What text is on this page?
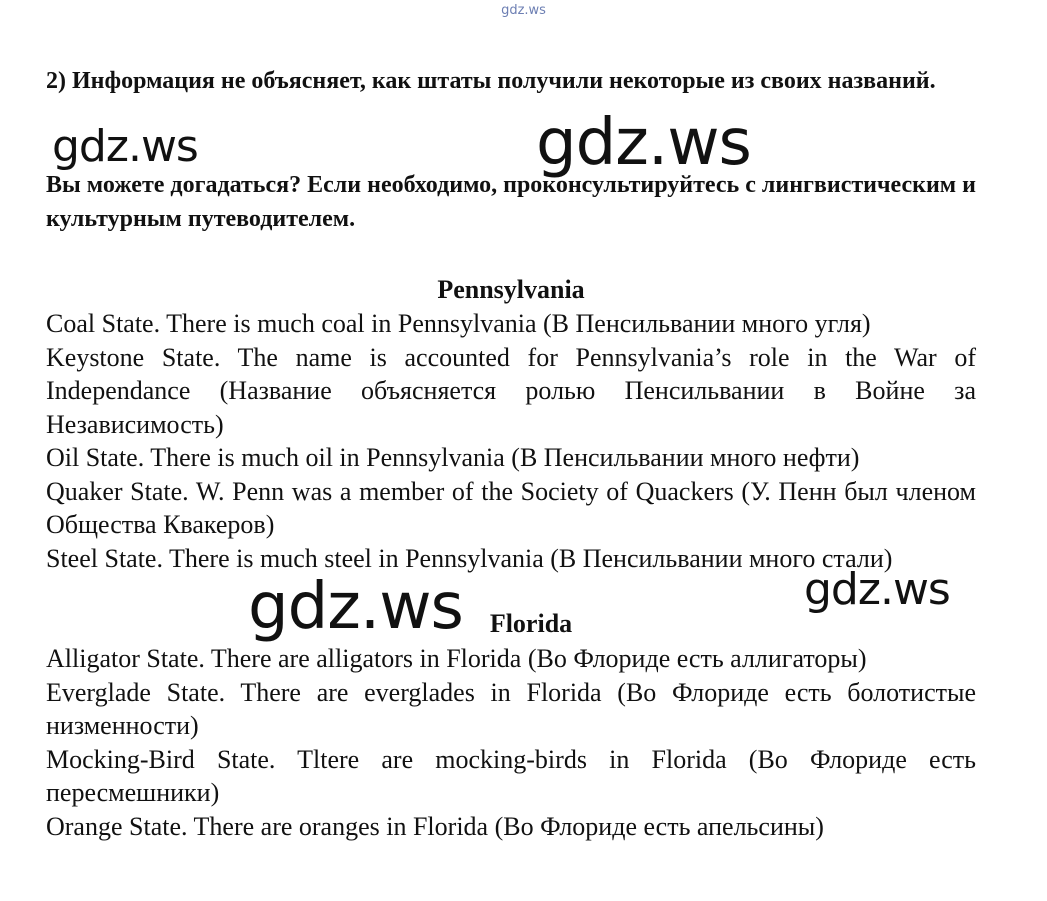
gdz.ws

2) Информация не объясняет, как штаты получили некоторые из своих названий.

Вы можете догадаться? Если необходимо, проконсультируйтесь с лингвистическим и культурным путеводителем.

Pennsylvania
Coal State. There is much coal in Pennsylvania (В Пенсильвании много угля)
Keystone State. The name is accounted for Pennsylvania’s role in the War of Independance (Название объясняется ролью Пенсильвании в Войне за Независимость)
Oil State. There is much oil in Pennsylvania (В Пенсильвании много нефти)
Quaker State. W. Penn was a member of the Society of Quackers (У. Пенн был членом Общества Квакеров)
Steel State. There is much steel in Pennsylvania (В Пенсильвании много стали)
Florida
Alligator State. There are alligators in Florida (Во Флориде есть аллигаторы)
Everglade State. There are everglades in Florida (Во Флориде есть болотистые низменности)
Mocking-Bird State. Tltere are mocking-birds in Florida (Во Флориде есть пересмешники)
Orange State. There are oranges in Florida (Во Флориде есть апельсины)
gdz.ws	gdz.ws
gdz.ws	gdz.ws
